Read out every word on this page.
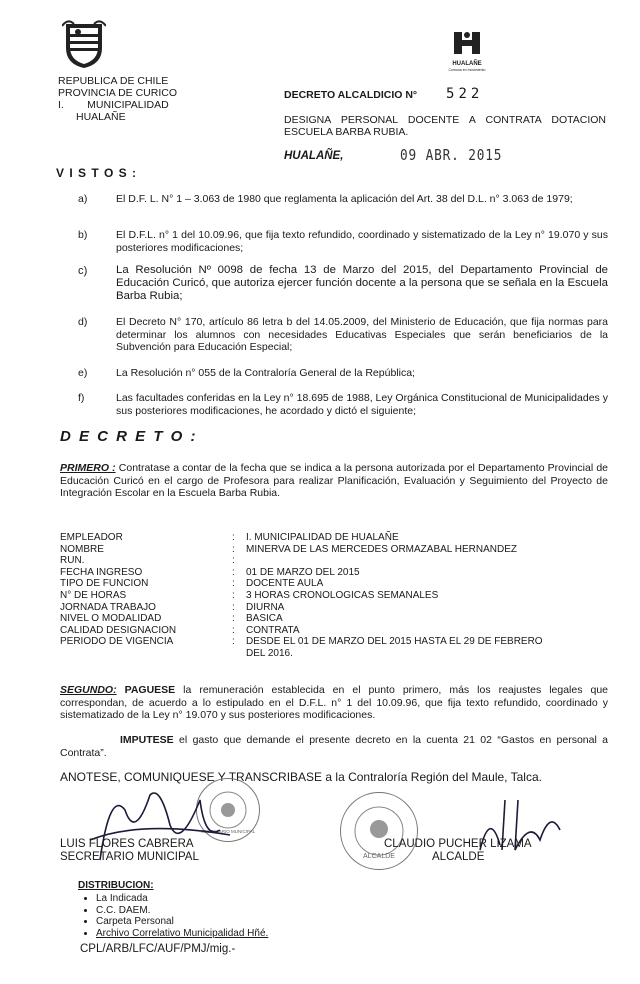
REPUBLICA DE CHILE
PROVINCIA DE CURICO
I.        MUNICIPALIDAD
HUALAÑE
HUALAÑE
Comuna en movimiento
DECRETO ALCALDICIO N° 522
DESIGNA PERSONAL DOCENTE A CONTRATA DOTACION ESCUELA BARBA RUBIA.
HUALAÑE,	09 ABR. 2015
V I S T O S :
a)	El D.F. L. N° 1 – 3.063 de 1980 que reglamenta la aplicación del Art. 38 del D.L. n° 3.063 de 1979;
b)	El D.F.L. n° 1 del 10.09.96, que fija texto refundido, coordinado y sistematizado de la Ley n° 19.070 y sus posteriores modificaciones;
c)	La Resolución Nº 0098 de fecha 13 de Marzo del 2015, del Departamento Provincial de Educación Curicó, que autoriza ejercer función docente a la persona que se señala en la Escuela Barba Rubia;
d)	El Decreto N° 170, artículo 86 letra b del 14.05.2009, del Ministerio de Educación, que fija normas para determinar los alumnos con necesidades Educativas Especiales que serán beneficiarios de la Subvención para Educación Especial;
e)	La Resolución n° 055 de la Contraloría General de la República;
f)	Las facultades conferidas en la Ley n° 18.695 de 1988, Ley Orgánica Constitucional de Municipalidades y sus posteriores modificaciones, he acordado y dictó el siguiente;
D E C R E T O :
PRIMERO : Contratase a contar de la fecha que se indica a la persona autorizada por el Departamento Provincial de Educación Curicó en el cargo de Profesora para realizar Planificación, Evaluación y Seguimiento del Proyecto de Integración Escolar en la Escuela Barba Rubia.
EMPLEADOR	: I. MUNICIPALIDAD DE HUALAÑE
NOMBRE	: MINERVA DE LAS MERCEDES ORMAZABAL HERNANDEZ
RUN.	:
FECHA INGRESO	: 01 DE MARZO DEL 2015
TIPO DE FUNCION	: DOCENTE AULA
N° DE HORAS	: 3 HORAS CRONOLOGICAS SEMANALES
JORNADA TRABAJO	: DIURNA
NIVEL O MODALIDAD	: BASICA
CALIDAD DESIGNACION	: CONTRATA
PERIODO DE VIGENCIA	: DESDE EL 01 DE MARZO DEL 2015 HASTA EL 29 DE FEBRERO
DEL 2016.
SEGUNDO: PAGUESE la remuneración establecida en el punto primero, más los reajustes legales que correspondan, de acuerdo a lo estipulado en el D.F.L. n° 1 del 10.09.96, que fija texto refundido, coordinado y sistematizado de la Ley n° 19.070 y sus posteriores modificaciones.
IMPUTESE el gasto que demande el presente decreto en la cuenta 21 02 “Gastos en personal a Contrata”.
ANOTESE, COMUNIQUESE Y TRANSCRIBASE a la Contraloría Región del Maule, Talca.
SECRETARIO MUNICIPAL
LUIS FLORES CABRERA
SECRETARIO MUNICIPAL	ALCALDE
CLAUDIO PUCHER LIZAMA
ALCALDE
DISTRIBUCION:
• La Indicada
• C.C. DAEM.
• Carpeta Personal
• Archivo Correlativo Municipalidad Hñé.
CPL/ARB/LFC/AUF/PMJ/mig.-
